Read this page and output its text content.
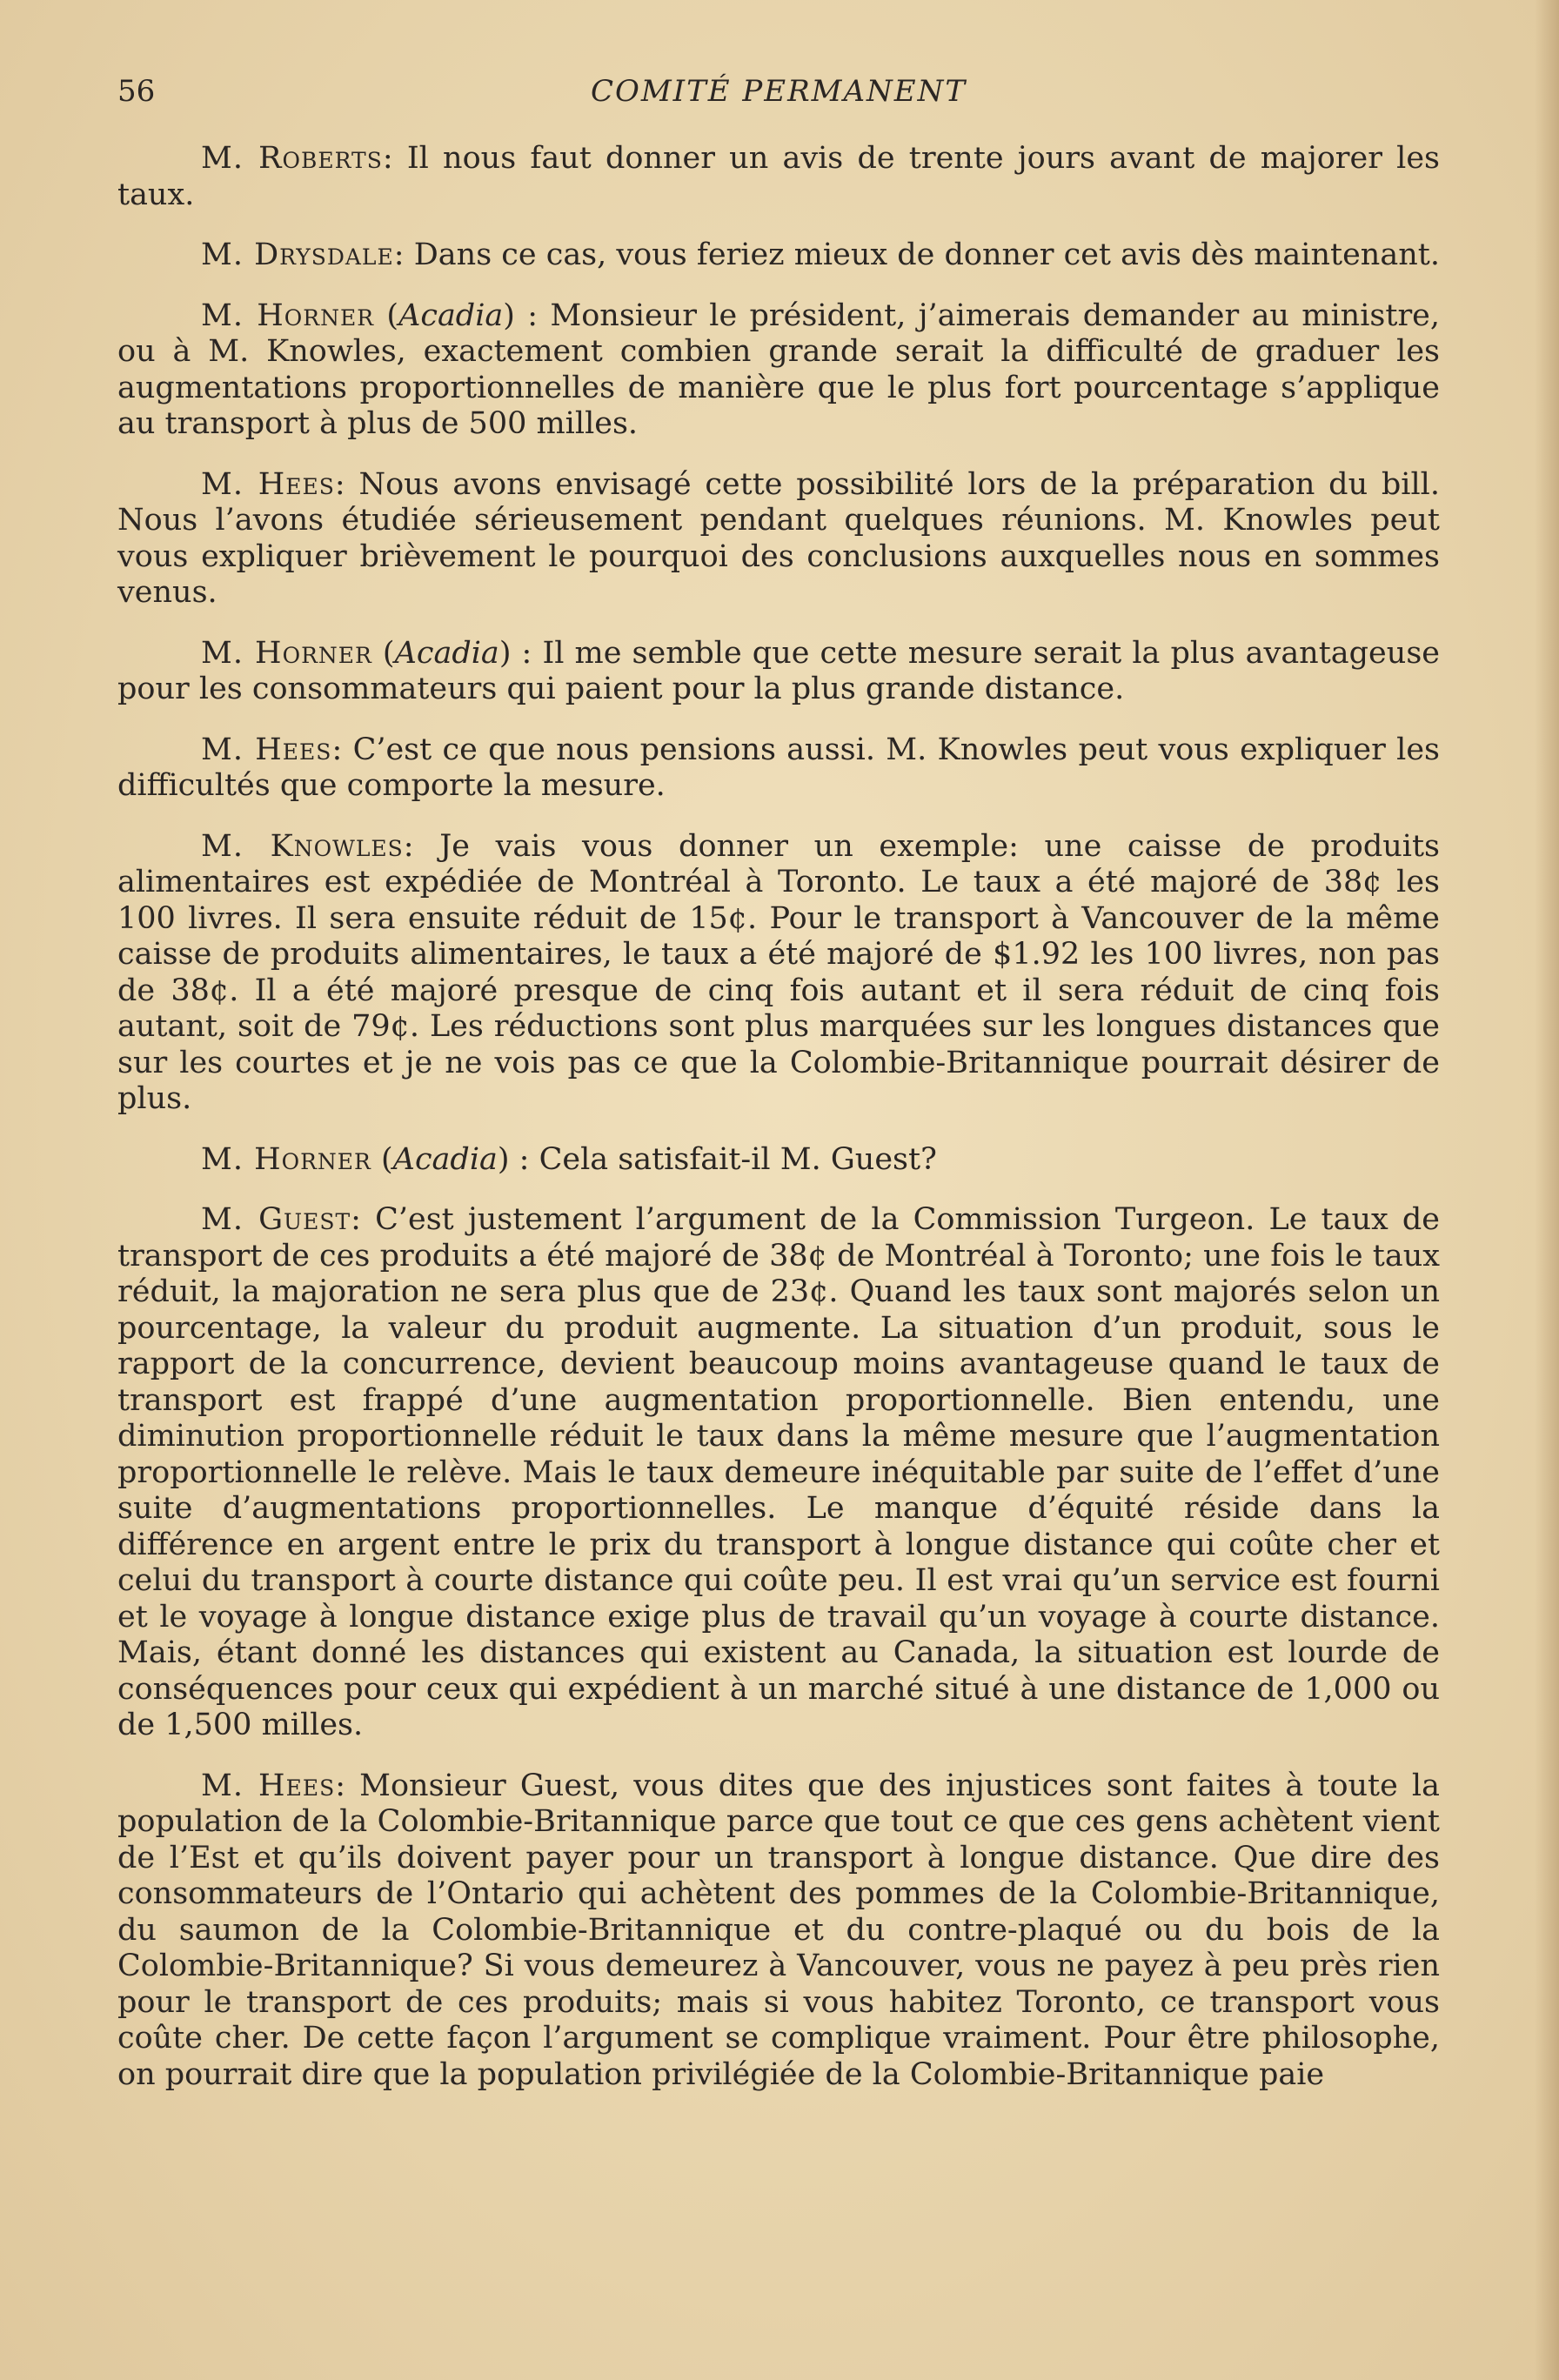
56	COMITÉ PERMANENT

M. Roberts: Il nous faut donner un avis de trente jours avant de majorer les taux.

M. Drysdale: Dans ce cas, vous feriez mieux de donner cet avis dès maintenant.

M. Horner (Acadia) : Monsieur le président, j’aimerais demander au ministre, ou à M. Knowles, exactement combien grande serait la difficulté de graduer les augmentations proportionnelles de manière que le plus fort pourcentage s’applique au transport à plus de 500 milles.

M. Hees: Nous avons envisagé cette possibilité lors de la préparation du bill. Nous l’avons étudiée sérieusement pendant quelques réunions. M. Knowles peut vous expliquer brièvement le pourquoi des conclusions auxquelles nous en sommes venus.

M. Horner (Acadia) : Il me semble que cette mesure serait la plus avantageuse pour les consommateurs qui paient pour la plus grande distance.

M. Hees: C’est ce que nous pensions aussi. M. Knowles peut vous expliquer les difficultés que comporte la mesure.

M. Knowles: Je vais vous donner un exemple: une caisse de produits alimentaires est expédiée de Montréal à Toronto. Le taux a été majoré de 38¢ les 100 livres. Il sera ensuite réduit de 15¢. Pour le transport à Vancouver de la même caisse de produits alimentaires, le taux a été majoré de $1.92 les 100 livres, non pas de 38¢. Il a été majoré presque de cinq fois autant et il sera réduit de cinq fois autant, soit de 79¢. Les réductions sont plus marquées sur les longues distances que sur les courtes et je ne vois pas ce que la Colombie-Britannique pourrait désirer de plus.

M. Horner (Acadia) : Cela satisfait-il M. Guest?

M. Guest: C’est justement l’argument de la Commission Turgeon. Le taux de transport de ces produits a été majoré de 38¢ de Montréal à Toronto; une fois le taux réduit, la majoration ne sera plus que de 23¢. Quand les taux sont majorés selon un pourcentage, la valeur du produit augmente. La situation d’un produit, sous le rapport de la concurrence, devient beaucoup moins avantageuse quand le taux de transport est frappé d’une augmentation proportionnelle. Bien entendu, une diminution proportionnelle réduit le taux dans la même mesure que l’augmentation proportionnelle le relève. Mais le taux demeure inéquitable par suite de l’effet d’une suite d’augmentations proportionnelles. Le manque d’équité réside dans la différence en argent entre le prix du transport à longue distance qui coûte cher et celui du transport à courte distance qui coûte peu. Il est vrai qu’un service est fourni et le voyage à longue distance exige plus de travail qu’un voyage à courte distance. Mais, étant donné les distances qui existent au Canada, la situation est lourde de conséquences pour ceux qui expédient à un marché situé à une distance de 1,000 ou de 1,500 milles.

M. Hees: Monsieur Guest, vous dites que des injustices sont faites à toute la population de la Colombie-Britannique parce que tout ce que ces gens achètent vient de l’Est et qu’ils doivent payer pour un transport à longue distance. Que dire des consommateurs de l’Ontario qui achètent des pommes de la Colombie-Britannique, du saumon de la Colombie-Britannique et du contre-plaqué ou du bois de la Colombie-Britannique? Si vous demeurez à Vancouver, vous ne payez à peu près rien pour le transport de ces produits; mais si vous habitez Toronto, ce transport vous coûte cher. De cette façon l’argument se complique vraiment. Pour être philosophe, on pourrait dire que la population privilégiée de la Colombie-Britannique paie
